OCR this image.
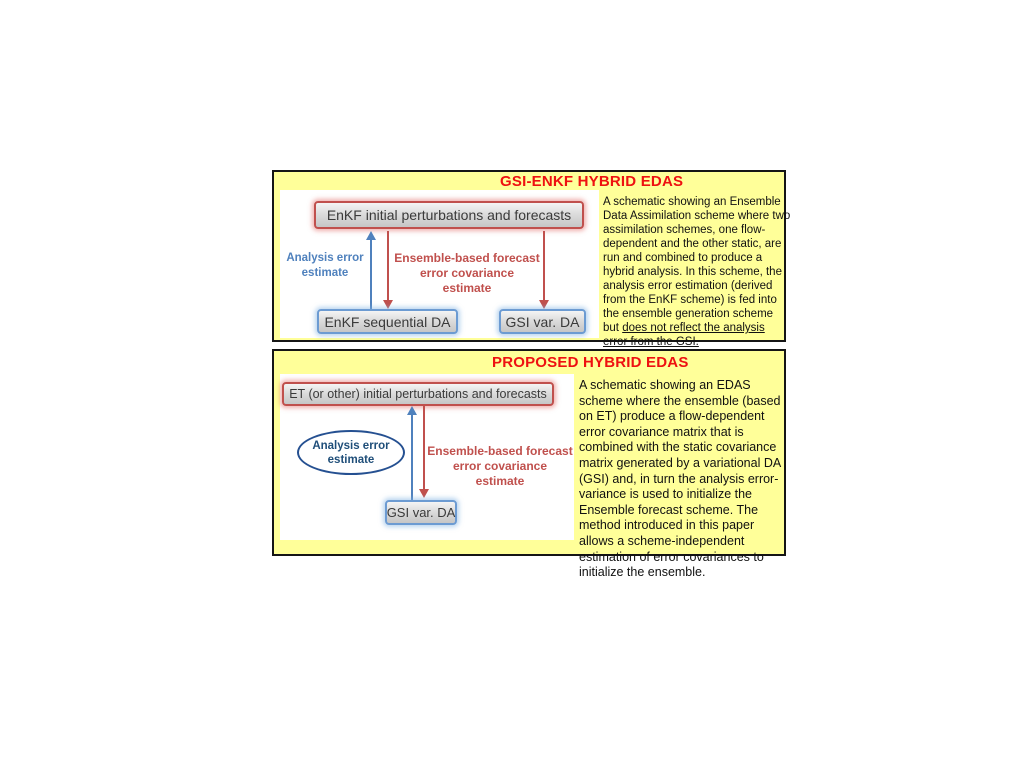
GSI-ENKF HYBRID EDAS
EnKF initial perturbations and forecasts
Analysis error estimate
Ensemble-based forecast error covariance estimate
EnKF sequential DA	GSI var. DA

A schematic showing an Ensemble Data Assimilation scheme where two assimilation schemes, one flow-dependent and the other static, are run and combined to produce a hybrid analysis. In this scheme, the analysis error estimation (derived from the EnKF scheme) is fed into the ensemble generation scheme but does not reflect the analysis error from the GSI.

PROPOSED HYBRID EDAS
ET (or other) initial perturbations and forecasts
Analysis error estimate
Ensemble-based forecast error covariance estimate
GSI var. DA

A schematic showing an EDAS scheme where the ensemble (based on ET) produce a flow-dependent error covariance matrix that is combined with the static covariance matrix generated by a variational DA (GSI) and, in turn the analysis error-variance is used to initialize the Ensemble forecast scheme. The method introduced in this paper allows a scheme-independent estimation of error covariances to initialize the ensemble.
